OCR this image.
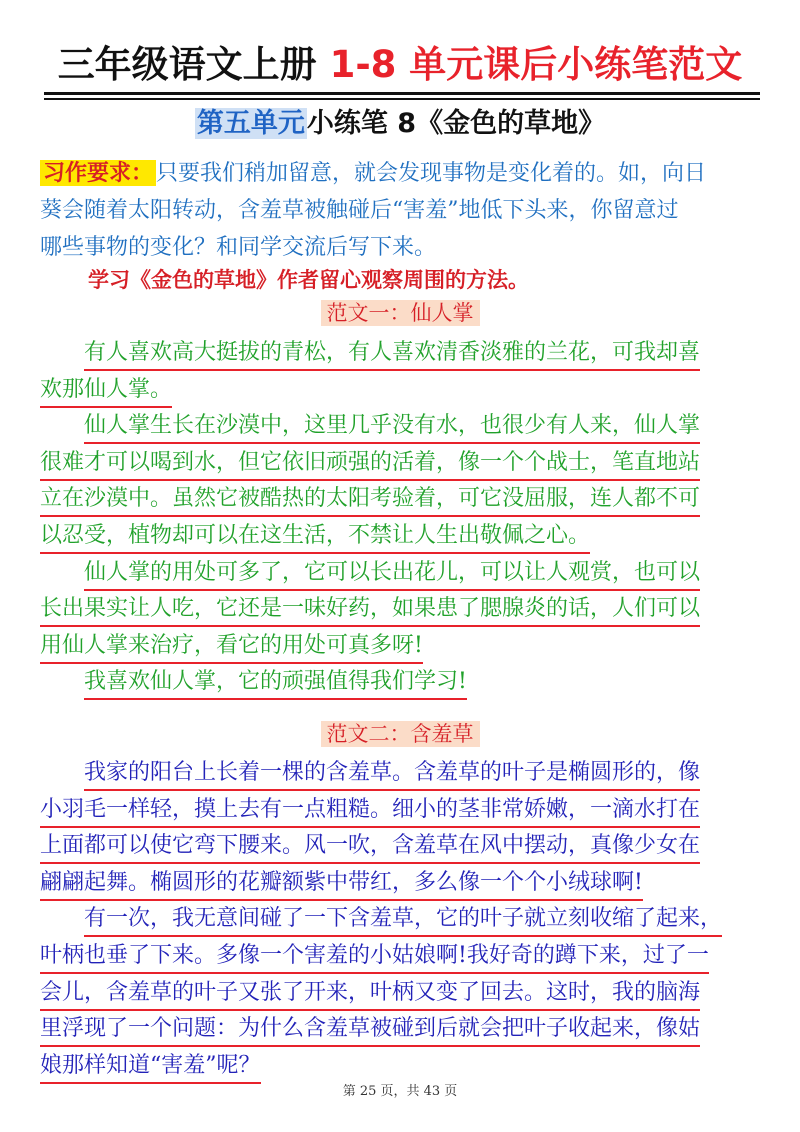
三年级语文上册 1-8 单元课后小练笔范文
第五单元小练笔 8《金色的草地》
习作要求： 只要我们稍加留意，就会发现事物是变化着的。如，向日
葵会随着太阳转动，含羞草被触碰后“害羞”地低下头来，你留意过
哪些事物的变化？和同学交流后写下来。
学习《金色的草地》作者留心观察周围的方法。
范文一：仙人掌
有人喜欢高大挺拔的青松，有人喜欢清香淡雅的兰花，可我却喜
欢那仙人掌。
仙人掌生长在沙漠中，这里几乎没有水，也很少有人来，仙人掌
很难才可以喝到水，但它依旧顽强的活着，像一个个战士，笔直地站
立在沙漠中。虽然它被酷热的太阳考验着，可它没屈服，连人都不可
以忍受，植物却可以在这生活，不禁让人生出敬佩之心。
仙人掌的用处可多了，它可以长出花儿，可以让人观赏，也可以
长出果实让人吃，它还是一味好药，如果患了腮腺炎的话，人们可以
用仙人掌来治疗，看它的用处可真多呀!
我喜欢仙人掌，它的顽强值得我们学习!
范文二：含羞草
我家的阳台上长着一棵的含羞草。含羞草的叶子是椭圆形的，像
小羽毛一样轻，摸上去有一点粗糙。细小的茎非常娇嫩，一滴水打在
上面都可以使它弯下腰来。风一吹，含羞草在风中摆动，真像少女在
翩翩起舞。椭圆形的花瓣额紫中带红，多么像一个个小绒球啊!
有一次，我无意间碰了一下含羞草，它的叶子就立刻收缩了起来，
叶柄也垂了下来。多像一个害羞的小姑娘啊!我好奇的蹲下来，过了一
会儿，含羞草的叶子又张了开来，叶柄又变了回去。这时，我的脑海
里浮现了一个问题：为什么含羞草被碰到后就会把叶子收起来，像姑
娘那样知道“害羞”呢？
第 25 页，共 43 页
